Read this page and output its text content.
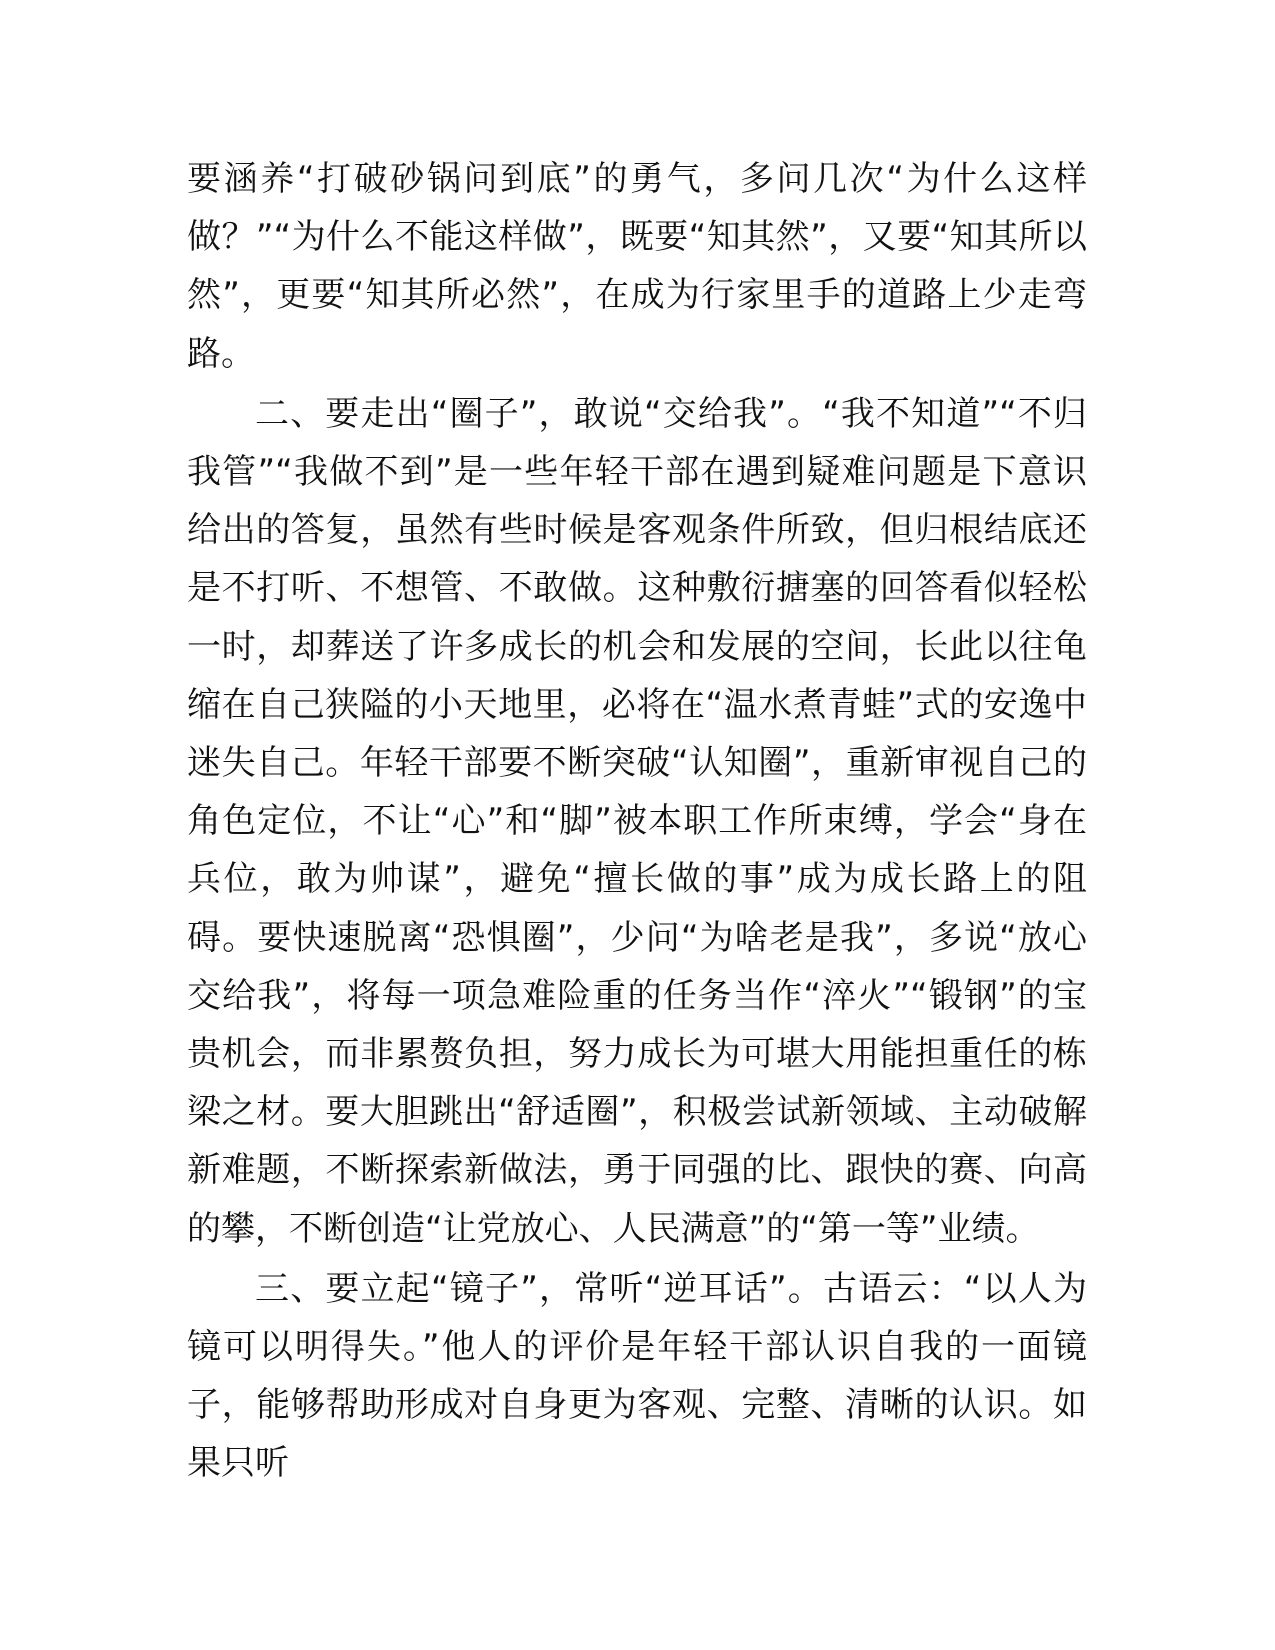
要涵养“打破砂锅问到底”的勇气，多问几次“为什么这样做？”“为什么不能这样做”，既要“知其然”，又要“知其所以然”，更要“知其所必然”，在成为行家里手的道路上少走弯路。

二、要走出“圈子”，敢说“交给我”。“我不知道”“不归我管”“我做不到”是一些年轻干部在遇到疑难问题是下意识给出的答复，虽然有些时候是客观条件所致，但归根结底还是不打听、不想管、不敢做。这种敷衍搪塞的回答看似轻松一时，却葬送了许多成长的机会和发展的空间，长此以往龟缩在自己狭隘的小天地里，必将在“温水煮青蛙”式的安逸中迷失自己。年轻干部要不断突破“认知圈”，重新审视自己的角色定位，不让“心”和“脚”被本职工作所束缚，学会“身在兵位，敢为帅谋”，避免“擅长做的事”成为成长路上的阻碍。要快速脱离“恐惧圈”，少问“为啥老是我”，多说“放心交给我”，将每一项急难险重的任务当作“淬火”“锻钢”的宝贵机会，而非累赘负担，努力成长为可堪大用能担重任的栋梁之材。要大胆跳出“舒适圈”，积极尝试新领域、主动破解新难题，不断探索新做法，勇于同强的比、跟快的赛、向高的攀，不断创造“让党放心、人民满意”的“第一等”业绩。

三、要立起“镜子”，常听“逆耳话”。古语云：“以人为镜可以明得失。”他人的评价是年轻干部认识自我的一面镜子，能够帮助形成对自身更为客观、完整、清晰的认识。如果只听
